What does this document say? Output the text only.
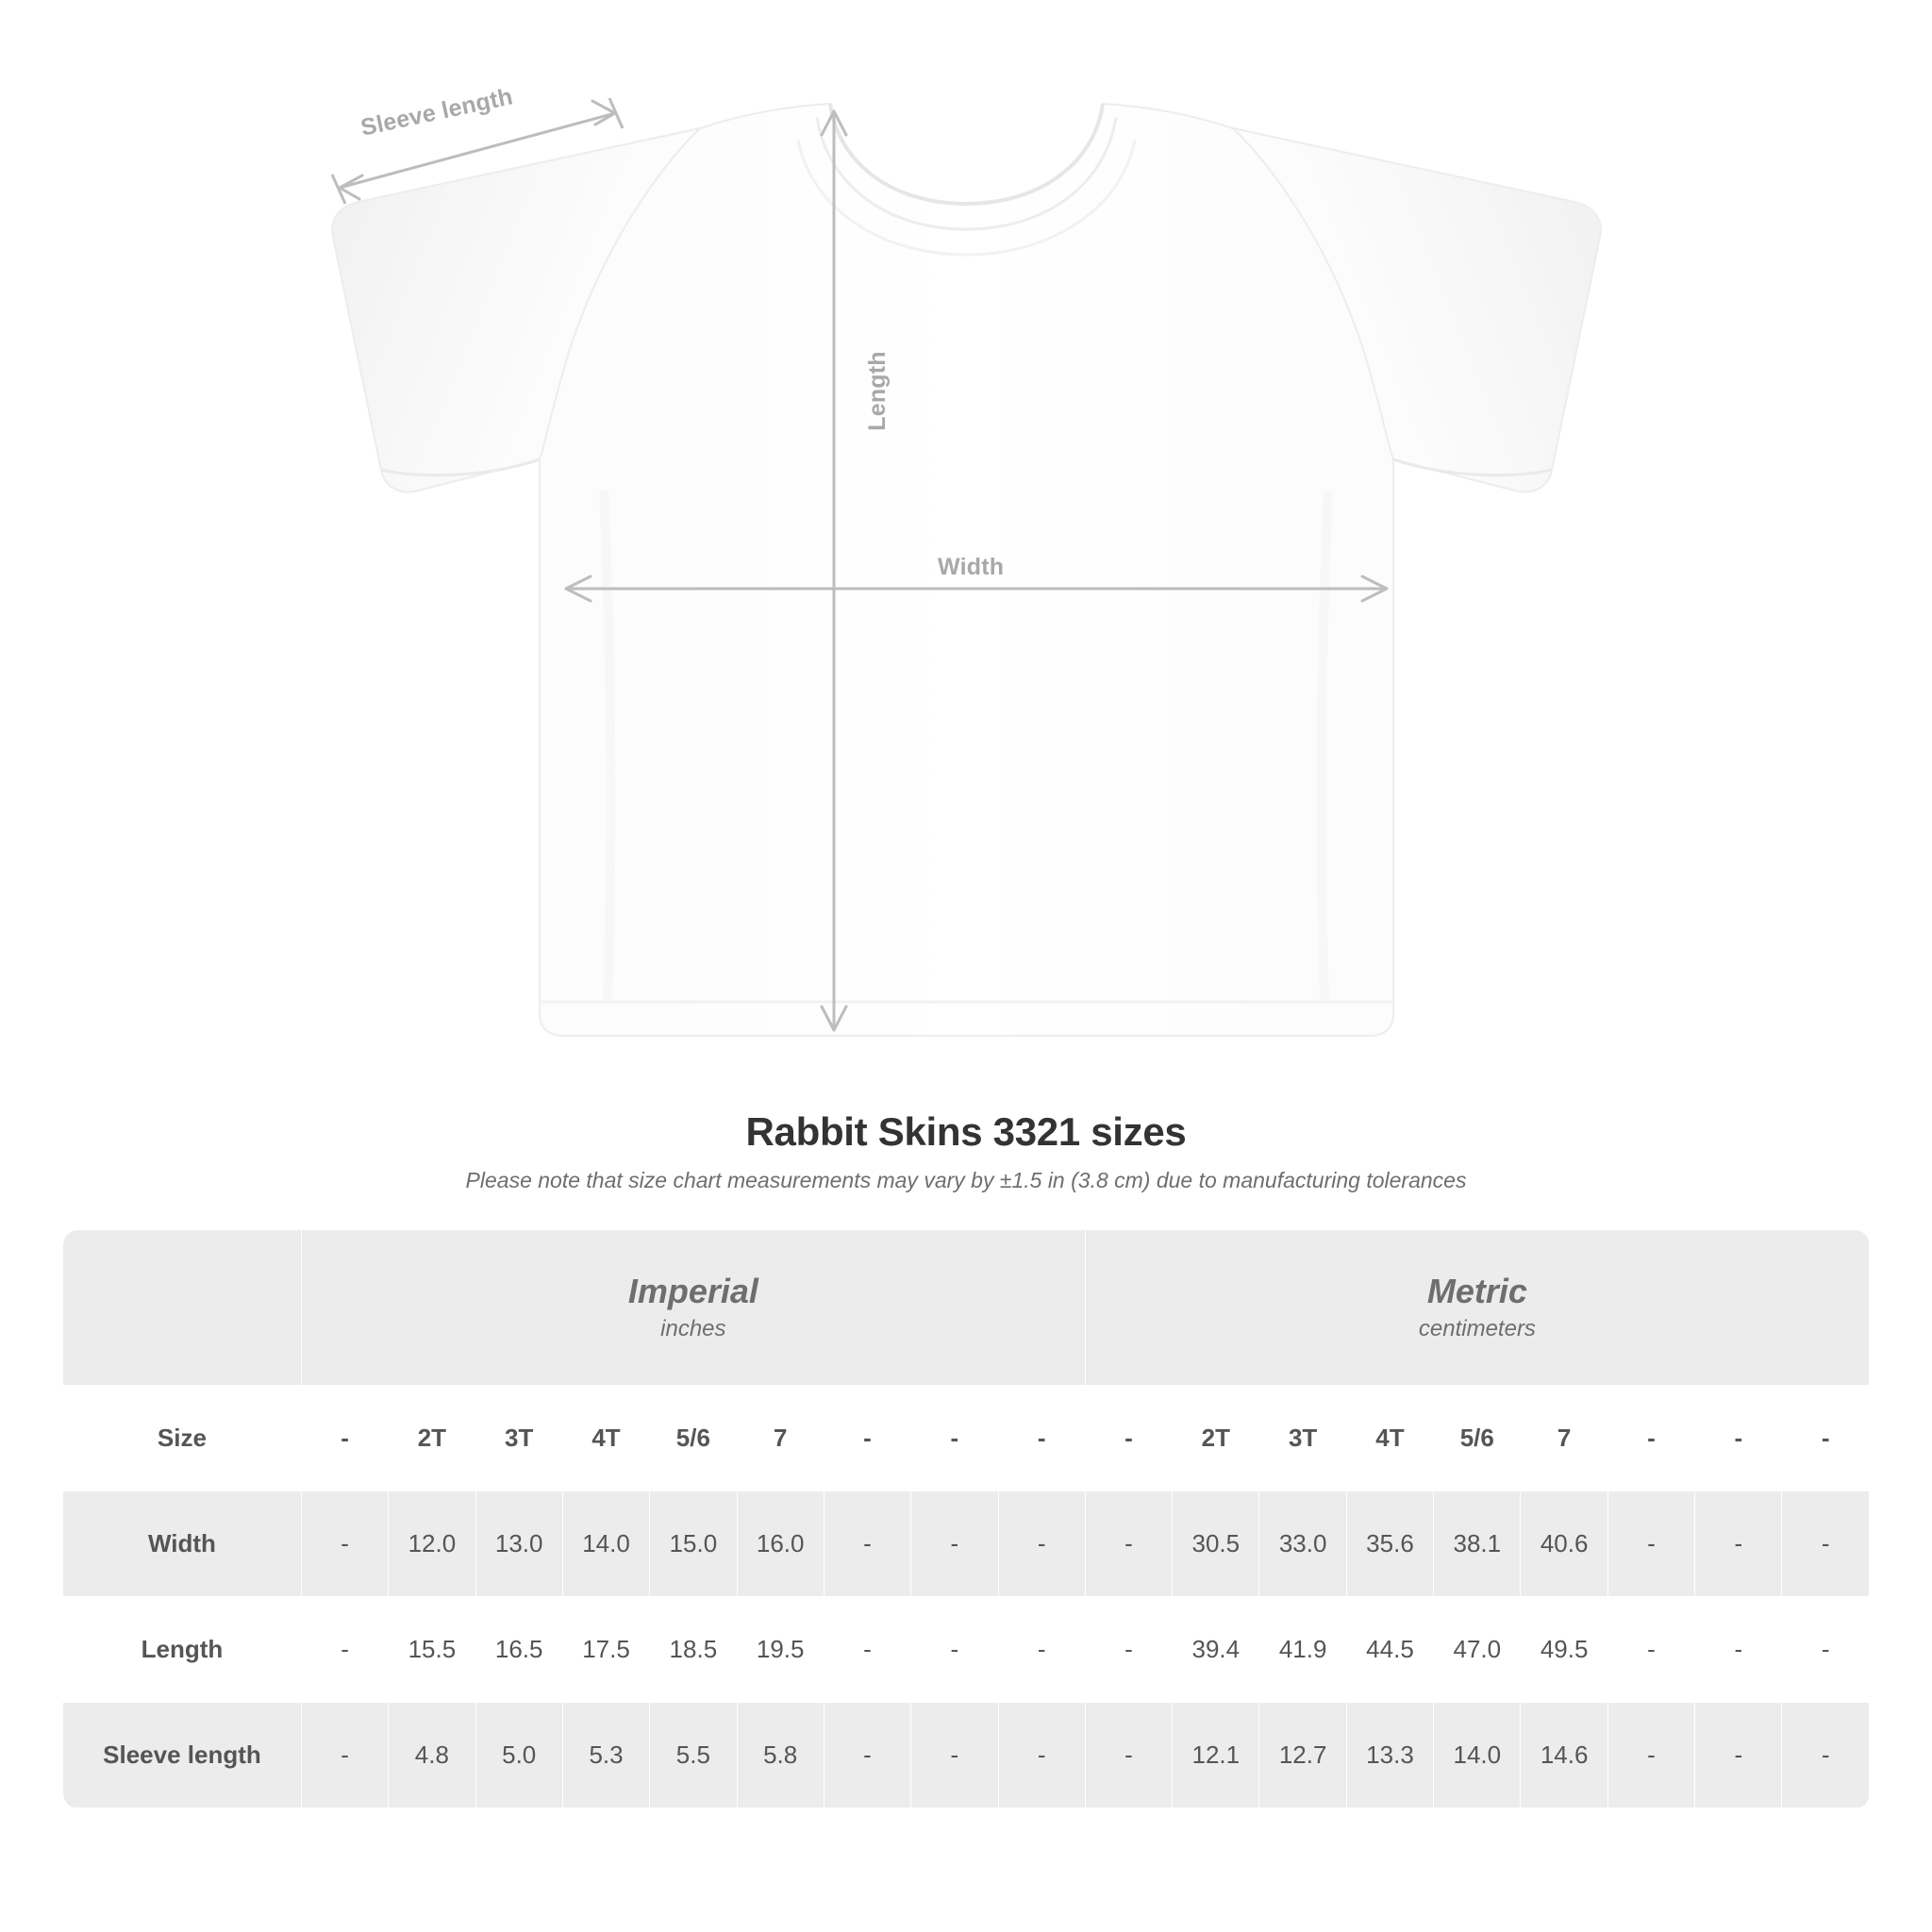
Sleeve length
Length
Width
Rabbit Skins 3321 sizes

Please note that size chart measurements may vary by ±1.5 in (3.8 cm) due to manufacturing tolerances

Imperial
inches

Metric
centimeters

Size	-	2T	3T	4T	5/6	7	-	-	-	-	2T	3T	4T	5/6	7	-	-	-
Width	-	12.0	13.0	14.0	15.0	16.0	-	-	-	-	30.5	33.0	35.6	38.1	40.6	-	-	-
Length	-	15.5	16.5	17.5	18.5	19.5	-	-	-	-	39.4	41.9	44.5	47.0	49.5	-	-	-
Sleeve length	-	4.8	5.0	5.3	5.5	5.8	-	-	-	-	12.1	12.7	13.3	14.0	14.6	-	-	-
